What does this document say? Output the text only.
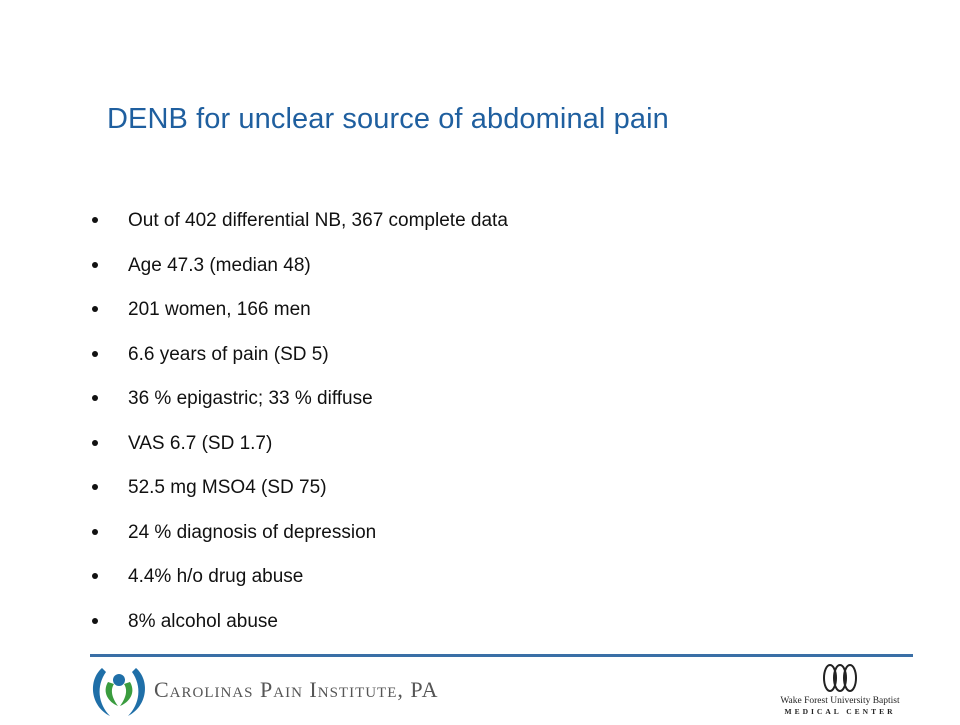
DENB for unclear source of abdominal pain
Out of 402 differential NB, 367 complete data
Age 47.3 (median 48)
201 women, 166 men
6.6 years of pain (SD 5)
36 % epigastric; 33 % diffuse
VAS 6.7 (SD 1.7)
52.5 mg MSO4 (SD 75)
24 % diagnosis of depression
4.4% h/o drug abuse
8% alcohol abuse
Carolinas Pain Institute, PA	Wake Forest University Baptist
MEDICAL CENTER
